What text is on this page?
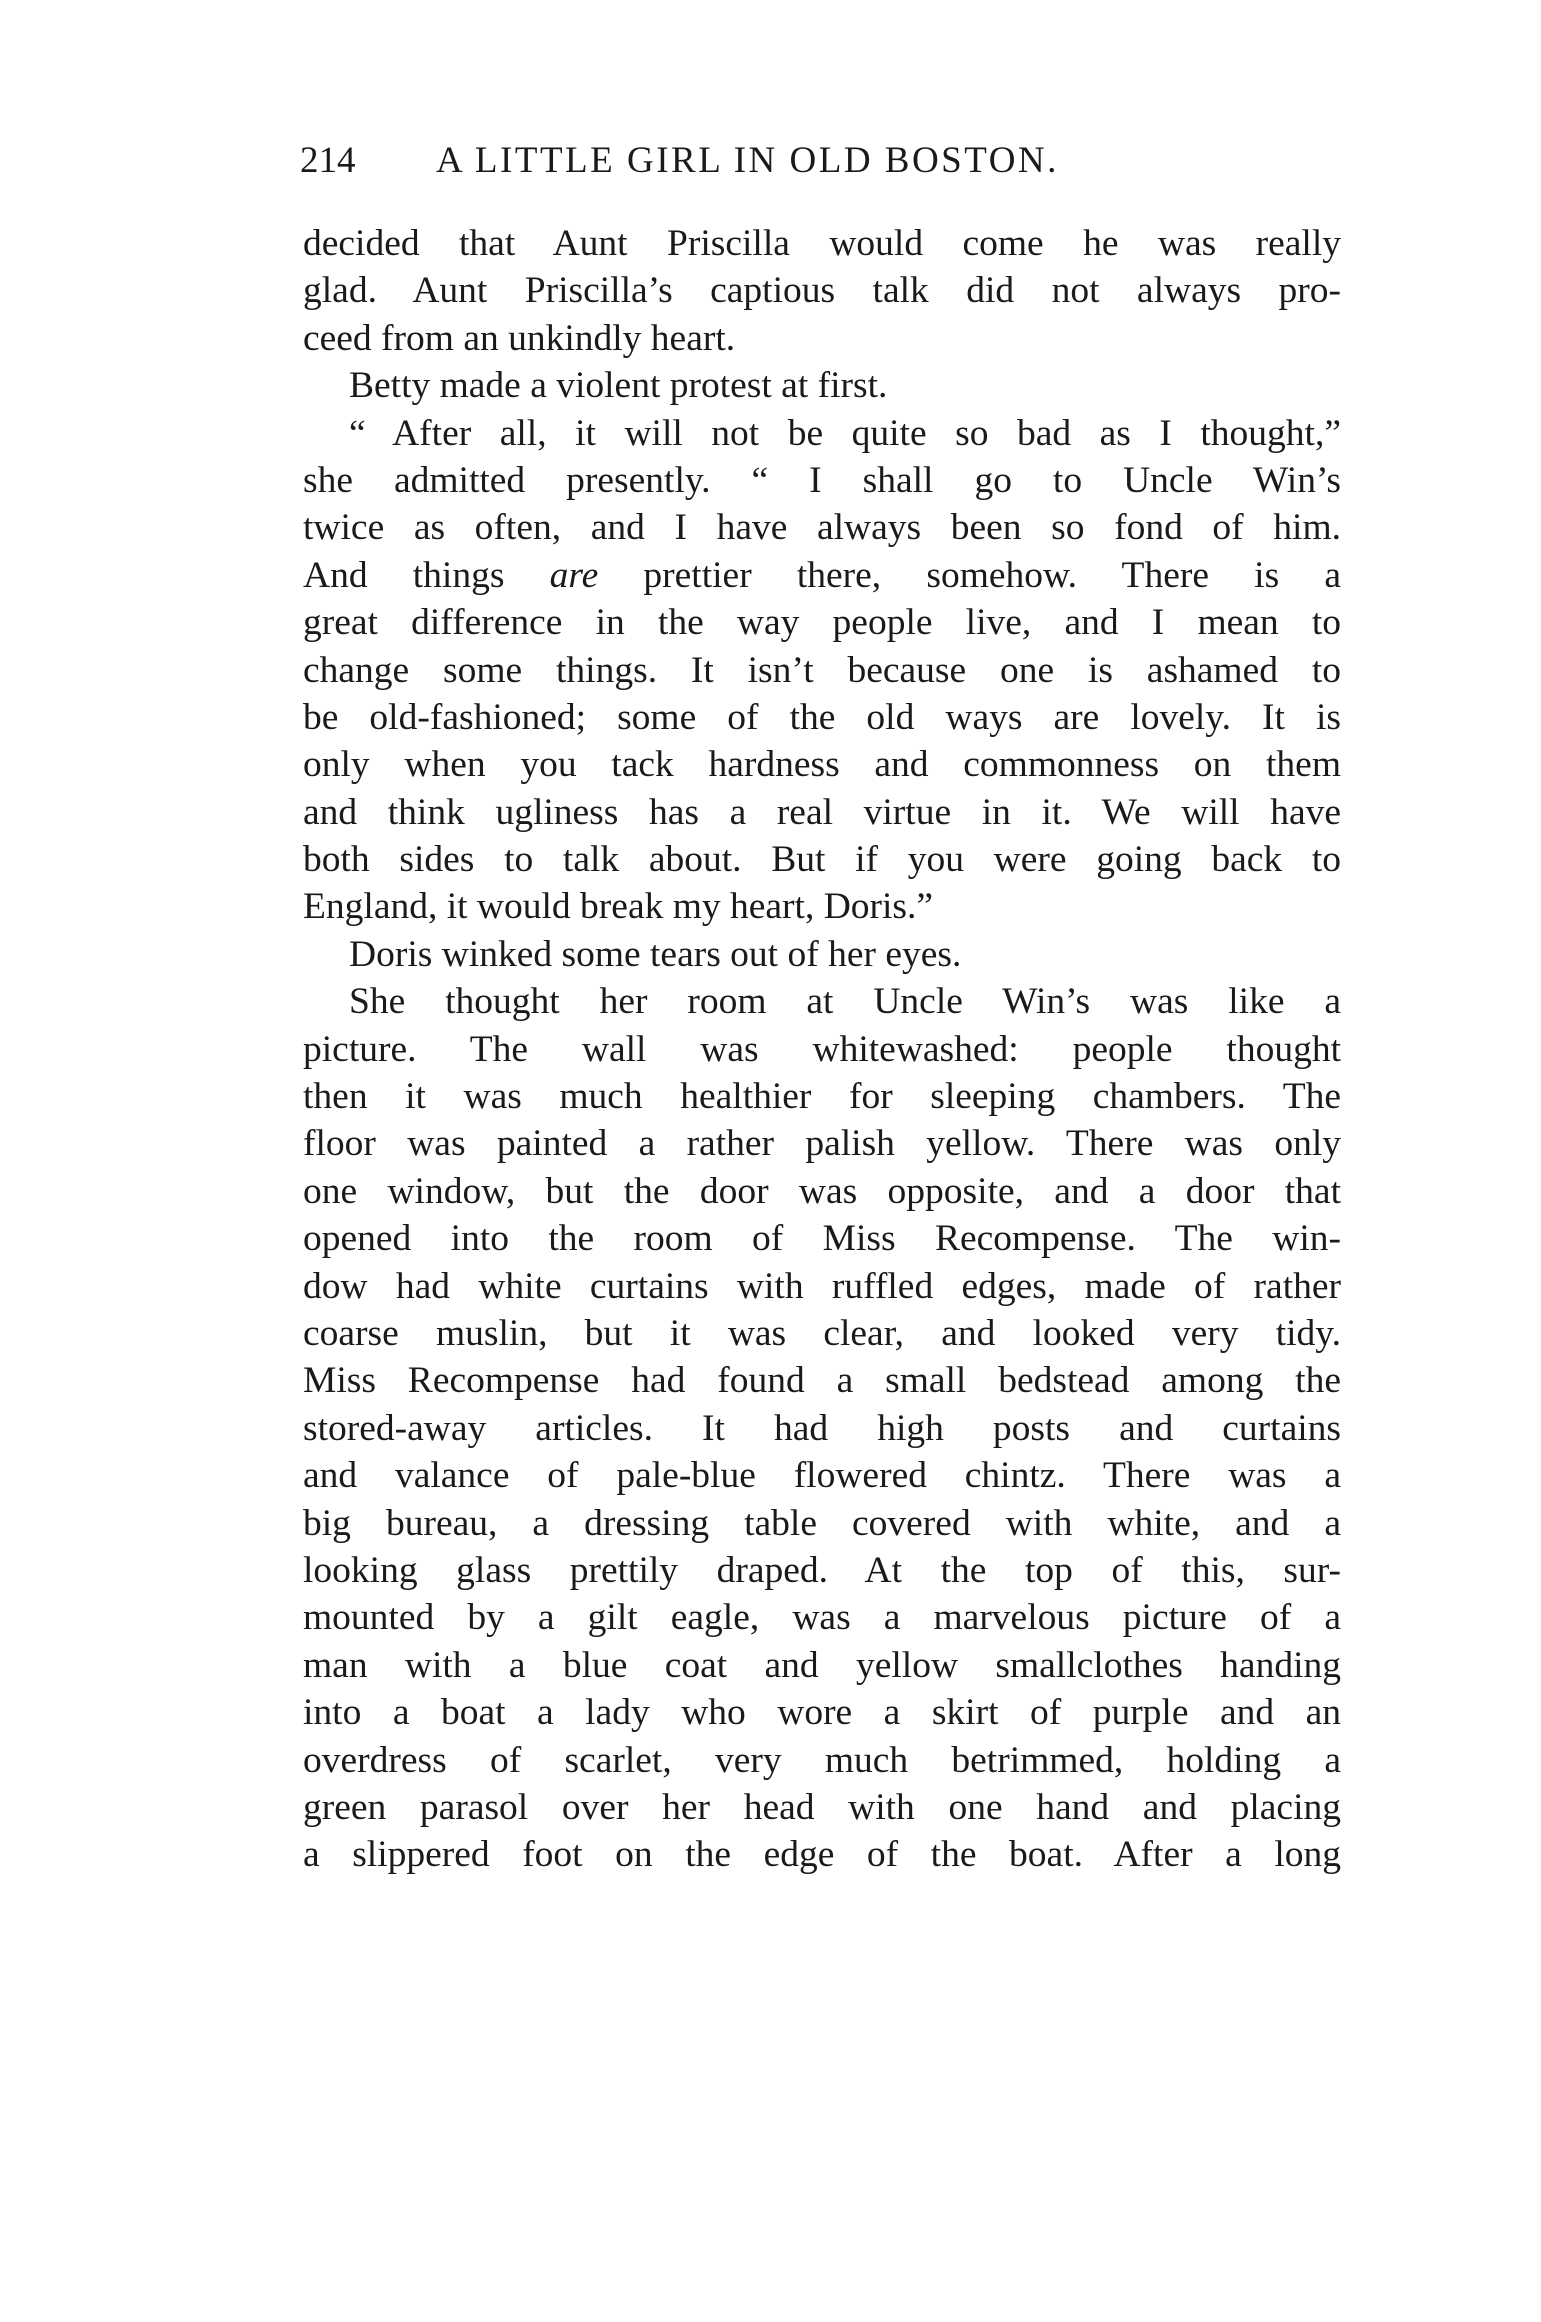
214 A LITTLE GIRL IN OLD BOSTON.
decided that Aunt Priscilla would come he was really
glad. Aunt Priscilla’s captious talk did not always pro-
ceed from an unkindly heart.
Betty made a violent protest at first.
“ After all, it will not be quite so bad as I thought,”
she admitted presently. “ I shall go to Uncle Win’s
twice as often, and I have always been so fond of him.
And things are prettier there, somehow. There is a
great difference in the way people live, and I mean to
change some things. It isn’t because one is ashamed to
be old-fashioned; some of the old ways are lovely. It is
only when you tack hardness and commonness on them
and think ugliness has a real virtue in it. We will have
both sides to talk about. But if you were going back to
England, it would break my heart, Doris.”
Doris winked some tears out of her eyes.
She thought her room at Uncle Win’s was like a
picture. The wall was whitewashed: people thought
then it was much healthier for sleeping chambers. The
floor was painted a rather palish yellow. There was only
one window, but the door was opposite, and a door that
opened into the room of Miss Recompense. The win-
dow had white curtains with ruffled edges, made of rather
coarse muslin, but it was clear, and looked very tidy.
Miss Recompense had found a small bedstead among the
stored-away articles. It had high posts and curtains
and valance of pale-blue flowered chintz. There was a
big bureau, a dressing table covered with white, and a
looking glass prettily draped. At the top of this, sur-
mounted by a gilt eagle, was a marvelous picture of a
man with a blue coat and yellow smallclothes handing
into a boat a lady who wore a skirt of purple and an
overdress of scarlet, very much betrimmed, holding a
green parasol over her head with one hand and placing
a slippered foot on the edge of the boat. After a long
